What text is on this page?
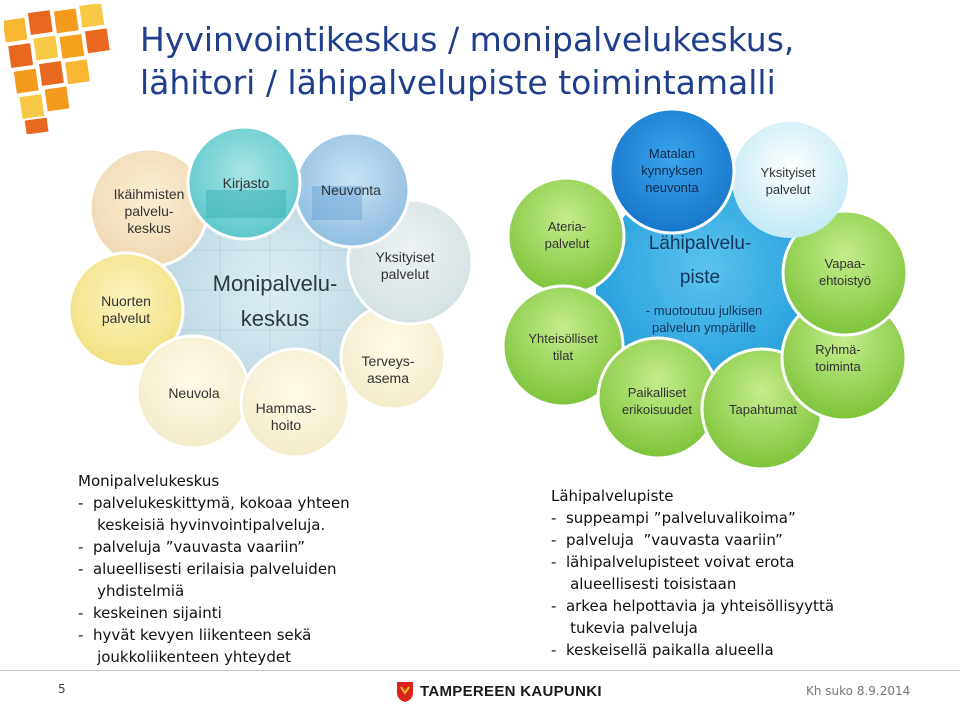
Hyvinvointikeskus / monipalvelukeskus,
lähitori / lähipalvelupiste toimintamalli
Ikäihmisten
palvelu-
keskus
Kirjasto	Neuvonta
Yksityiset
palvelut
Nuorten
palvelut
Monipalvelu-
keskus
Terveys-
asema
Neuvola
Hammas-
hoito
Matalan
kynnyksen
neuvonta
Yksityiset
palvelut
Ateria-
palvelut	Lähipalvelu-
piste
- muotoutuu julkisen
palvelun ympärille
Vapaa-
ehtoistyö
Yhteisölliset
tilat	Ryhmä-
toiminta
Paikalliset
erikoisuudet	Tapahtumat
Monipalvelukeskus
-  palvelukeskittymä, kokoaa yhteen
keskeisiä hyvinvointipalveluja.
-  palveluja ”vauvasta vaariin”
-  alueellisesti erilaisia palveluiden
yhdistelmiä
-  keskeinen sijainti
-  hyvät kevyen liikenteen sekä
joukkoliikenteen yhteydet
Lähipalvelupiste
-  suppeampi ”palveluvalikoima”
-  palveluja  ”vauvasta vaariin”
-  lähipalvelupisteet voivat erota
alueellisesti toisistaan
-  arkea helpottavia ja yhteisöllisyyttä
tukevia palveluja
-  keskeisellä paikalla alueella
5	TAMPEREEN KAUPUNKI	Kh suko 8.9.2014
